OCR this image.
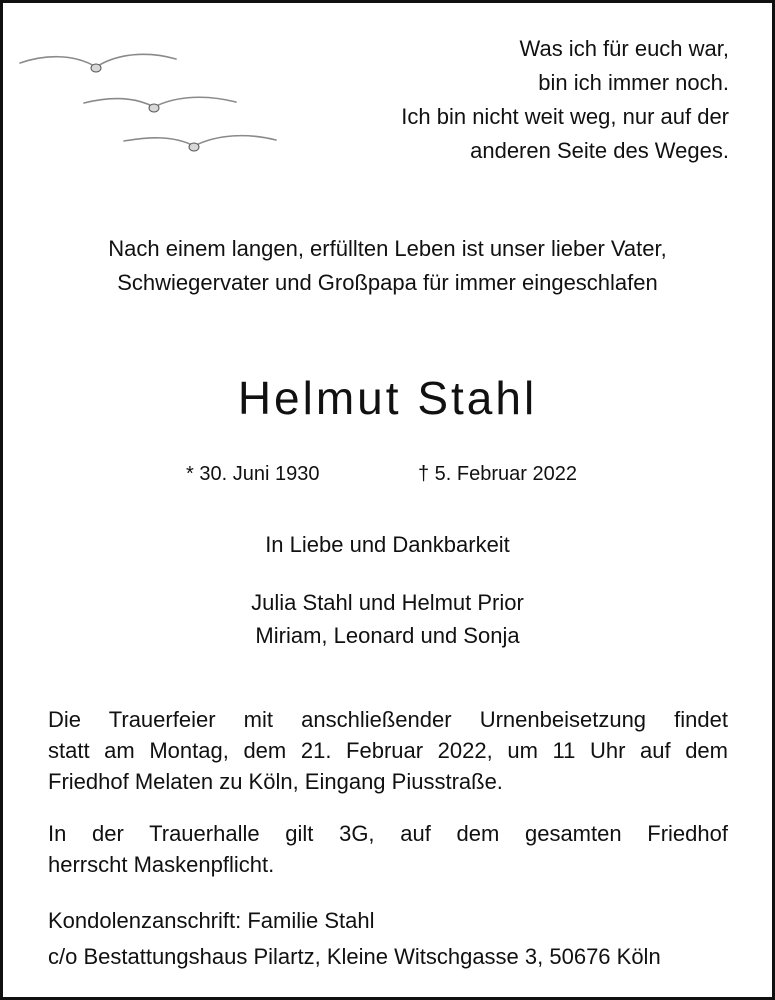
Was ich für euch war,
bin ich immer noch.
Ich bin nicht weit weg, nur auf der
anderen Seite des Weges.
Nach einem langen, erfüllten Leben ist unser lieber Vater,
Schwiegervater und Großpapa für immer eingeschlafen
Helmut Stahl
* 30. Juni 1930	† 5. Februar 2022
In Liebe und Dankbarkeit
Julia Stahl und Helmut Prior
Miriam, Leonard und Sonja
Die Trauerfeier mit anschließender Urnenbeisetzung findet
statt am Montag, dem 21. Februar 2022, um 11 Uhr auf dem
Friedhof Melaten zu Köln, Eingang Piusstraße.
In der Trauerhalle gilt 3G, auf dem gesamten Friedhof
herrscht Maskenpflicht.
Kondolenzanschrift: Familie Stahl
c/o Bestattungshaus Pilartz, Kleine Witschgasse 3, 50676 Köln
